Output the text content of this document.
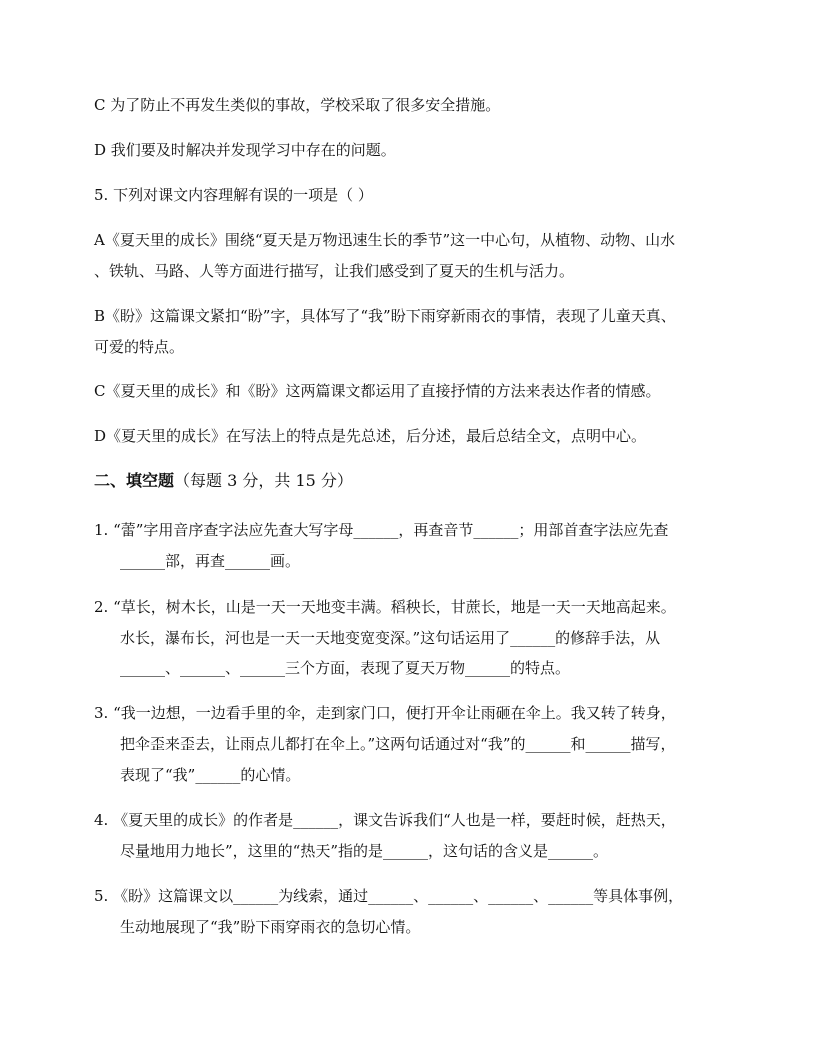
C 为了防止不再发生类似的事故，学校采取了很多安全措施。
D 我们要及时解决并发现学习中存在的问题。
5. 下列对课文内容理解有误的一项是（ ）
A《夏天里的成长》围绕“夏天是万物迅速生长的季节”这一中心句，从植物、动物、山水
、铁轨、马路、人等方面进行描写，让我们感受到了夏天的生机与活力。
B《盼》这篇课文紧扣“盼”字，具体写了“我”盼下雨穿新雨衣的事情，表现了儿童天真、
可爱的特点。
C《夏天里的成长》和《盼》这两篇课文都运用了直接抒情的方法来表达作者的情感。
D《夏天里的成长》在写法上的特点是先总述，后分述，最后总结全文，点明中心。
二、填空题（每题 3 分，共 15 分）
1. “蕾”字用音序查字法应先查大写字母______，再查音节______；用部首查字法应先查
______部，再查______画。
2. “草长，树木长，山是一天一天地变丰满。稻秧长，甘蔗长，地是一天一天地高起来。
水长，瀑布长，河也是一天一天地变宽变深。”这句话运用了______的修辞手法，从
______、______、______三个方面，表现了夏天万物______的特点。
3. “我一边想，一边看手里的伞，走到家门口，便打开伞让雨砸在伞上。我又转了转身，
把伞歪来歪去，让雨点儿都打在伞上。”这两句话通过对“我”的______和______描写，
表现了“我”______的心情。
4. 《夏天里的成长》的作者是______，课文告诉我们“人也是一样，要赶时候，赶热天，
尽量地用力地长”，这里的“热天”指的是______，这句话的含义是______。
5. 《盼》这篇课文以______为线索，通过______、______、______、______等具体事例，
生动地展现了“我”盼下雨穿雨衣的急切心情。
